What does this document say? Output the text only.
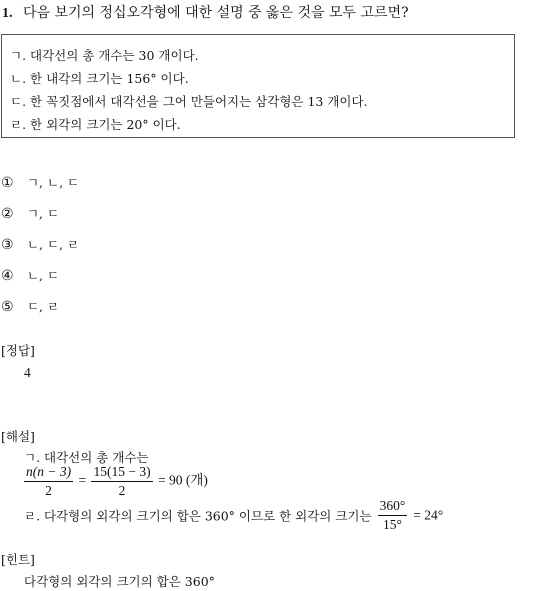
1. 다음 보기의 정십오각형에 대한 설명 중 옳은 것을 모두 고르면?
ㄱ. 대각선의 총 개수는 30 개이다.
ㄴ. 한 내각의 크기는 156° 이다.
ㄷ. 한 꼭짓점에서 대각선을 그어 만들어지는 삼각형은 13 개이다.
ㄹ. 한 외각의 크기는 20° 이다.
① ㄱ, ㄴ, ㄷ
② ㄱ, ㄷ
③ ㄴ, ㄷ, ㄹ
④ ㄴ, ㄷ
⑤ ㄷ, ㄹ
[정답]
4
[해설]
ㄱ. 대각선의 총 개수는
$\frac{n(n - 3)}{2} = \frac{15(15 - 3)}{2} = 90$ (개)
ㄹ. 다각형의 외각의 크기의 합은 360° 이므로 한 외각의 크기는 $\frac{360^\circ}{15^\circ} = 24^\circ$
[힌트]
다각형의 외각의 크기의 합은 360°
